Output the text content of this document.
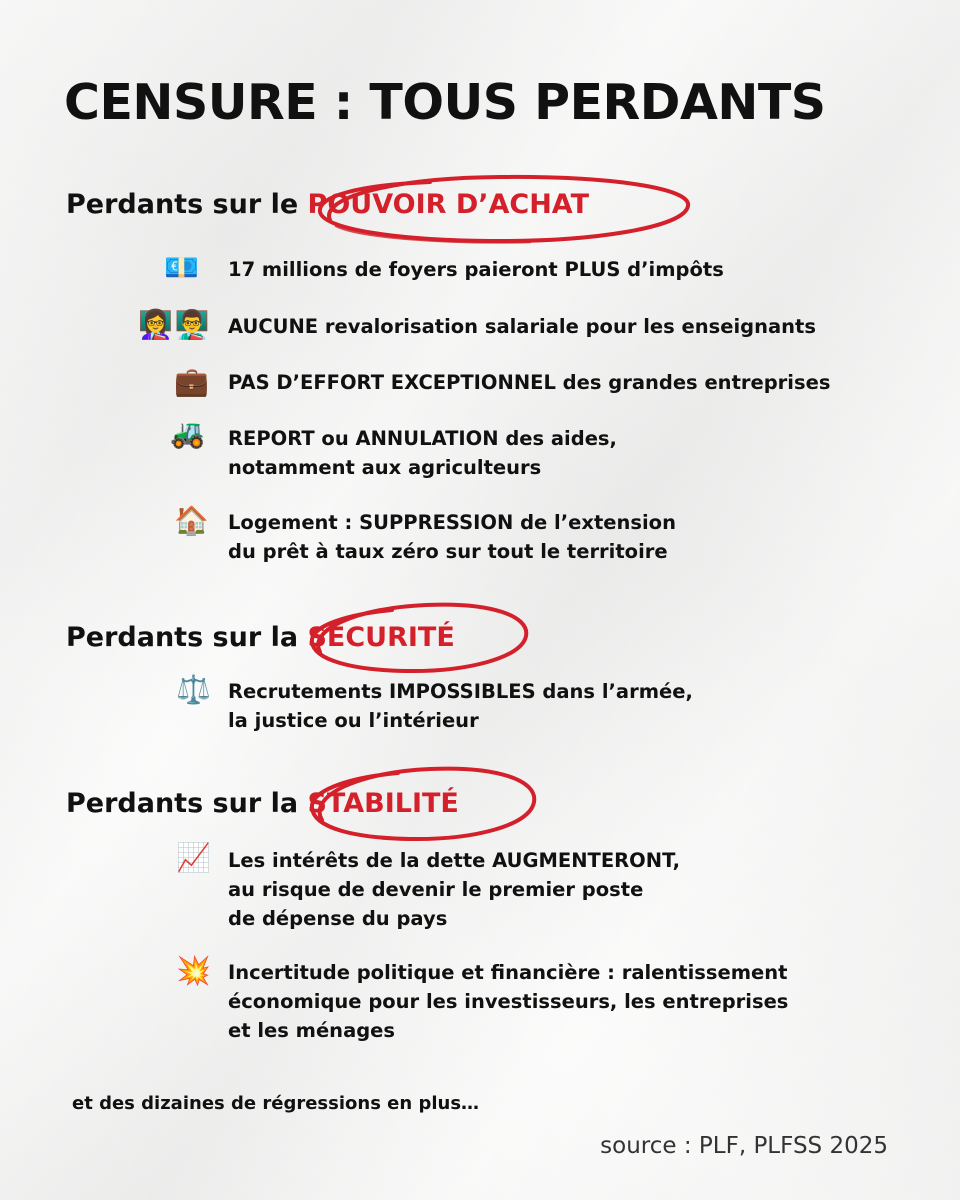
CENSURE : TOUS PERDANTS
Perdants sur le POUVOIR D’ACHAT
💶 17 millions de foyers paieront PLUS d’impôts
👩‍🏫👨‍🏫 AUCUNE revalorisation salariale pour les enseignants
💼 PAS D’EFFORT EXCEPTIONNEL des grandes entreprises
🚜 REPORT ou ANNULATION des aides,
notamment aux agriculteurs
🏠 Logement : SUPPRESSION de l’extension
du prêt à taux zéro sur tout le territoire
Perdants sur la SÉCURITÉ
⚖️ Recrutements IMPOSSIBLES dans l’armée,
la justice ou l’intérieur
Perdants sur la STABILITÉ
📈 Les intérêts de la dette AUGMENTERONT,
au risque de devenir le premier poste
de dépense du pays
💥 Incertitude politique et financière : ralentissement
économique pour les investisseurs, les entreprises
et les ménages
et des dizaines de régressions en plus…
source : PLF, PLFSS 2025
